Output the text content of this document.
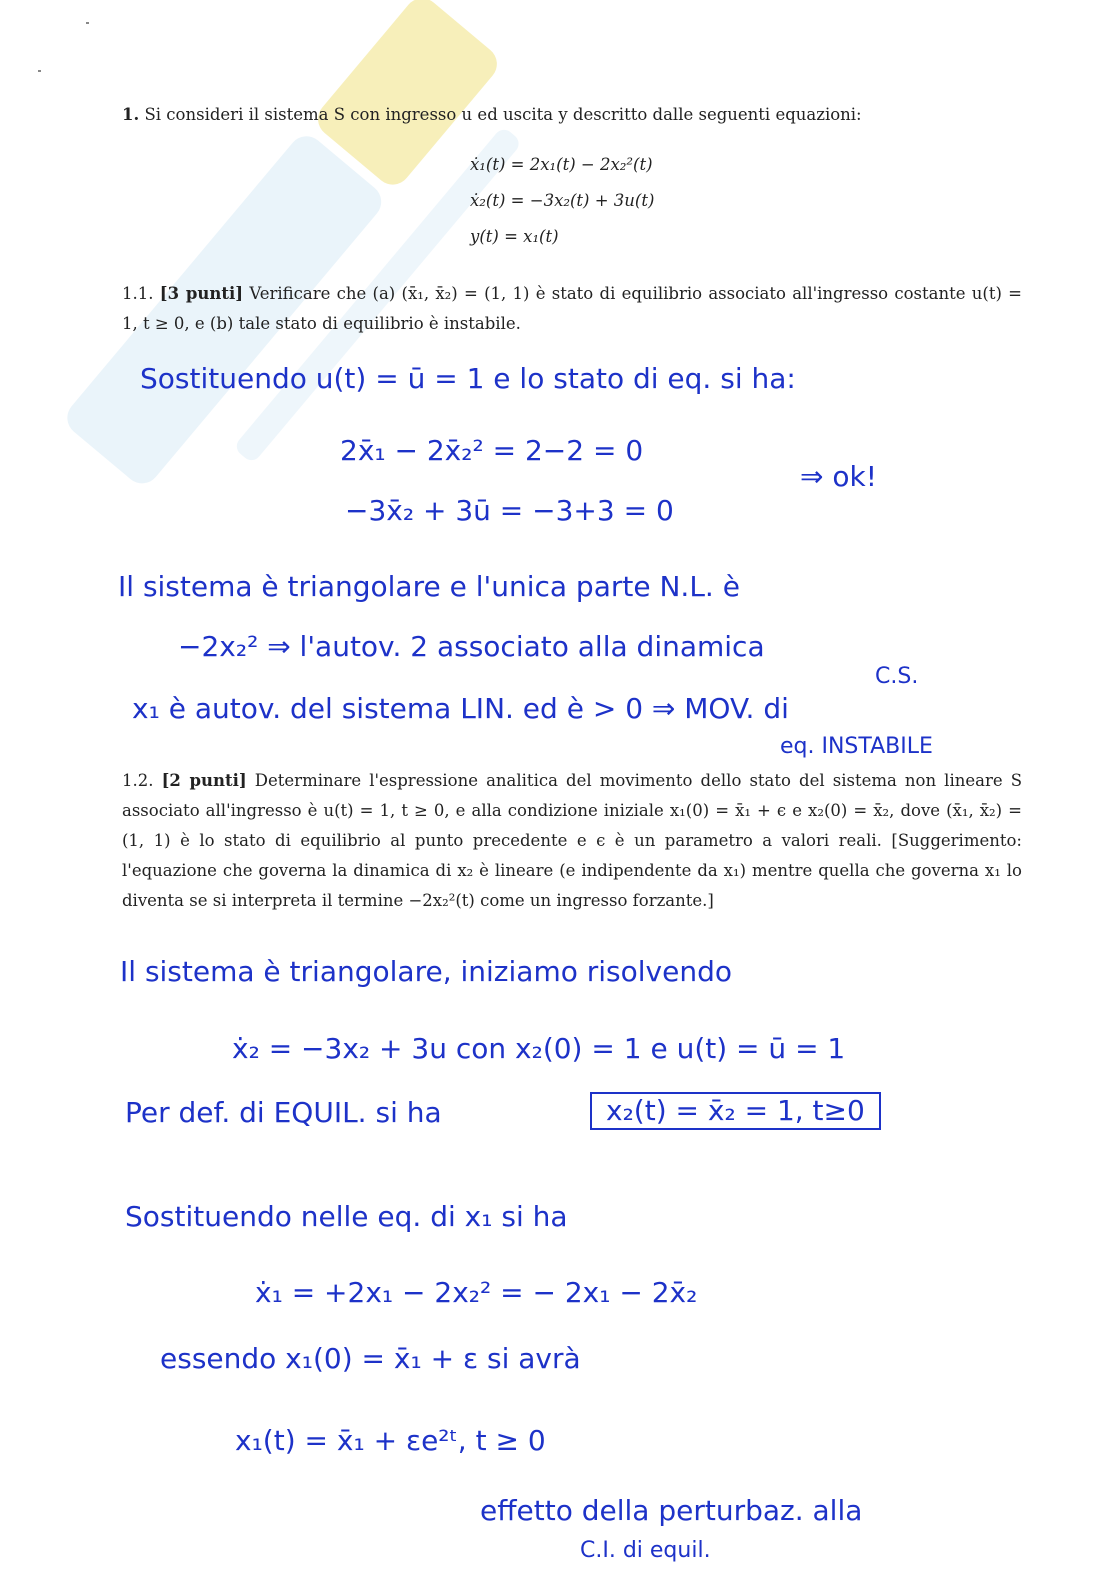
1. Si consideri il sistema S con ingresso u ed uscita y descritto dalle seguenti equazioni:
ẋ₁(t) = 2x₁(t) − 2x₂²(t)
ẋ₂(t) = −3x₂(t) + 3u(t)
y(t) = x₁(t)
1.1. [3 punti] Verificare che (a) (x̄₁, x̄₂) = (1, 1) è stato di equilibrio associato all'ingresso costante u(t) = 1, t ≥ 0, e (b) tale stato di equilibrio è instabile.
Sostituendo u(t) = ū = 1 e lo stato di eq. si ha:
2x̄₁ − 2x̄₂² = 2−2 = 0
⇒ ok!
−3x̄₂ + 3ū = −3+3 = 0
Il sistema è triangolare e l'unica parte N.L. è
−2x₂² ⇒ l'autov. 2 associato alla dinamica
C.S.
x₁ è autov. del sistema LIN. ed è > 0 ⇒ MOV. di
eq. INSTABILE
1.2. [2 punti] Determinare l'espressione analitica del movimento dello stato del sistema non lineare S associato all'ingresso è u(t) = 1, t ≥ 0, e alla condizione iniziale x₁(0) = x̄₁ + ϵ e x₂(0) = x̄₂, dove (x̄₁, x̄₂) = (1, 1) è lo stato di equilibrio al punto precedente e ϵ è un parametro a valori reali. [Suggerimento: l'equazione che governa la dinamica di x₂ è lineare (e indipendente da x₁) mentre quella che governa x₁ lo diventa se si interpreta il termine −2x₂²(t) come un ingresso forzante.]
Il sistema è triangolare, iniziamo risolvendo
ẋ₂ = −3x₂ + 3u con x₂(0) = 1 e u(t) = ū = 1
Per def. di EQUIL. si ha	x₂(t) = x̄₂ = 1, t≥0
Sostituendo nelle eq. di x₁ si ha
ẋ₁ = +2x₁ − 2x₂² = − 2x₁ − 2x̄₂
essendo x₁(0) = x̄₁ + ε si avrà
x₁(t) = x̄₁ + εe²ᵗ, t ≥ 0
effetto della perturbaz. alla
C.I. di equil.
